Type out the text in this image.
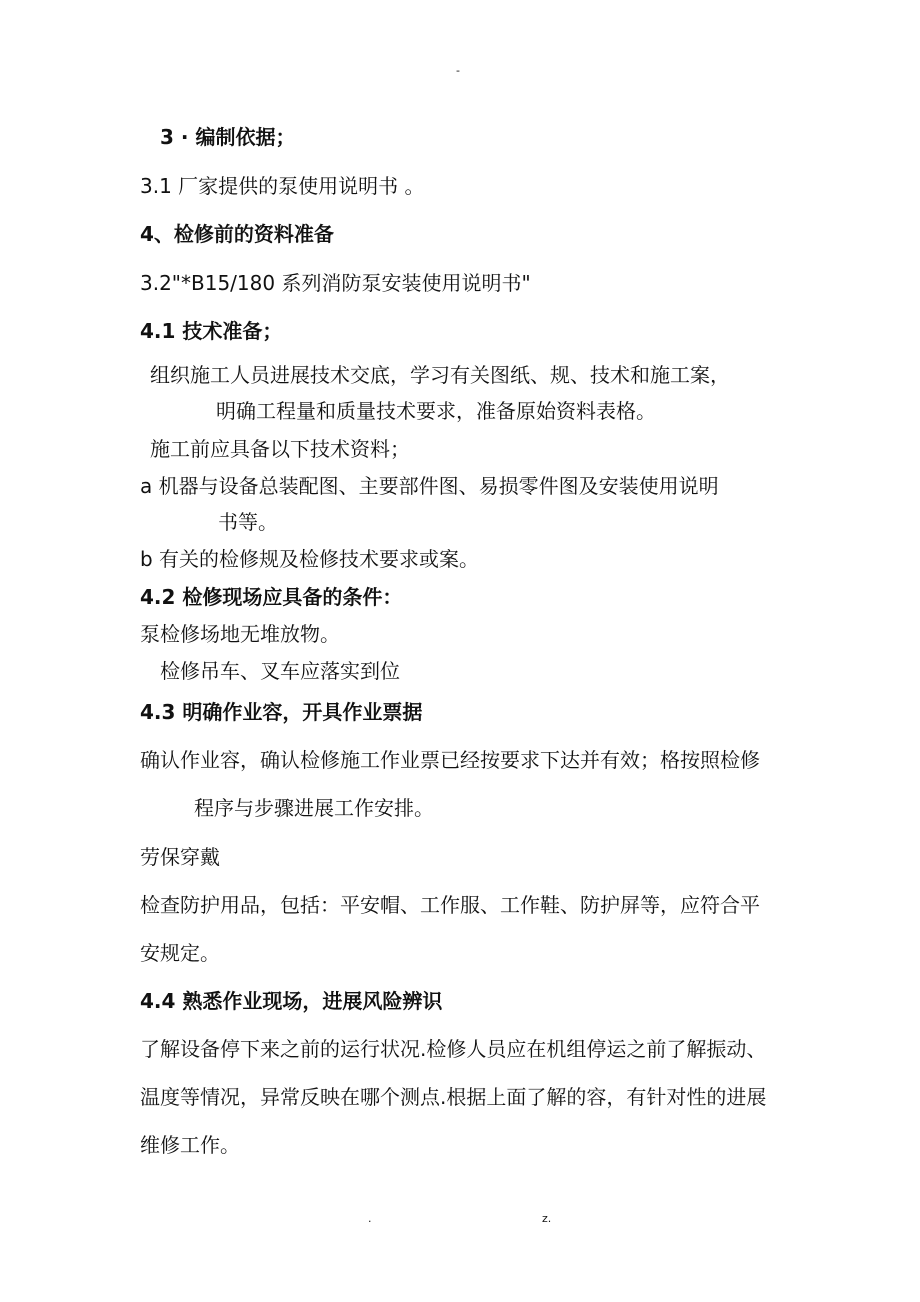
-
3 · 编制依据；
3.1 厂家提供的泵使用说明书 。
4、检修前的资料准备
3.2"*B15/180 系列消防泵安装使用说明书"
4.1 技术准备；
组织施工人员进展技术交底，学习有关图纸、规、技术和施工案，
明确工程量和质量技术要求，准备原始资料表格。
施工前应具备以下技术资料；
a 机器与设备总装配图、主要部件图、易损零件图及安装使用说明
书等。
b 有关的检修规及检修技术要求或案。
4.2 检修现场应具备的条件：
泵检修场地无堆放物。
检修吊车、叉车应落实到位
4.3 明确作业容，开具作业票据
确认作业容，确认检修施工作业票已经按要求下达并有效；格按照检修
程序与步骤进展工作安排。
劳保穿戴
检查防护用品，包括：平安帽、工作服、工作鞋、防护屏等，应符合平
安规定。
4.4 熟悉作业现场，进展风险辨识
了解设备停下来之前的运行状况.检修人员应在机组停运之前了解振动、
温度等情况，异常反映在哪个测点.根据上面了解的容，有针对性的进展
维修工作。
.	z.
